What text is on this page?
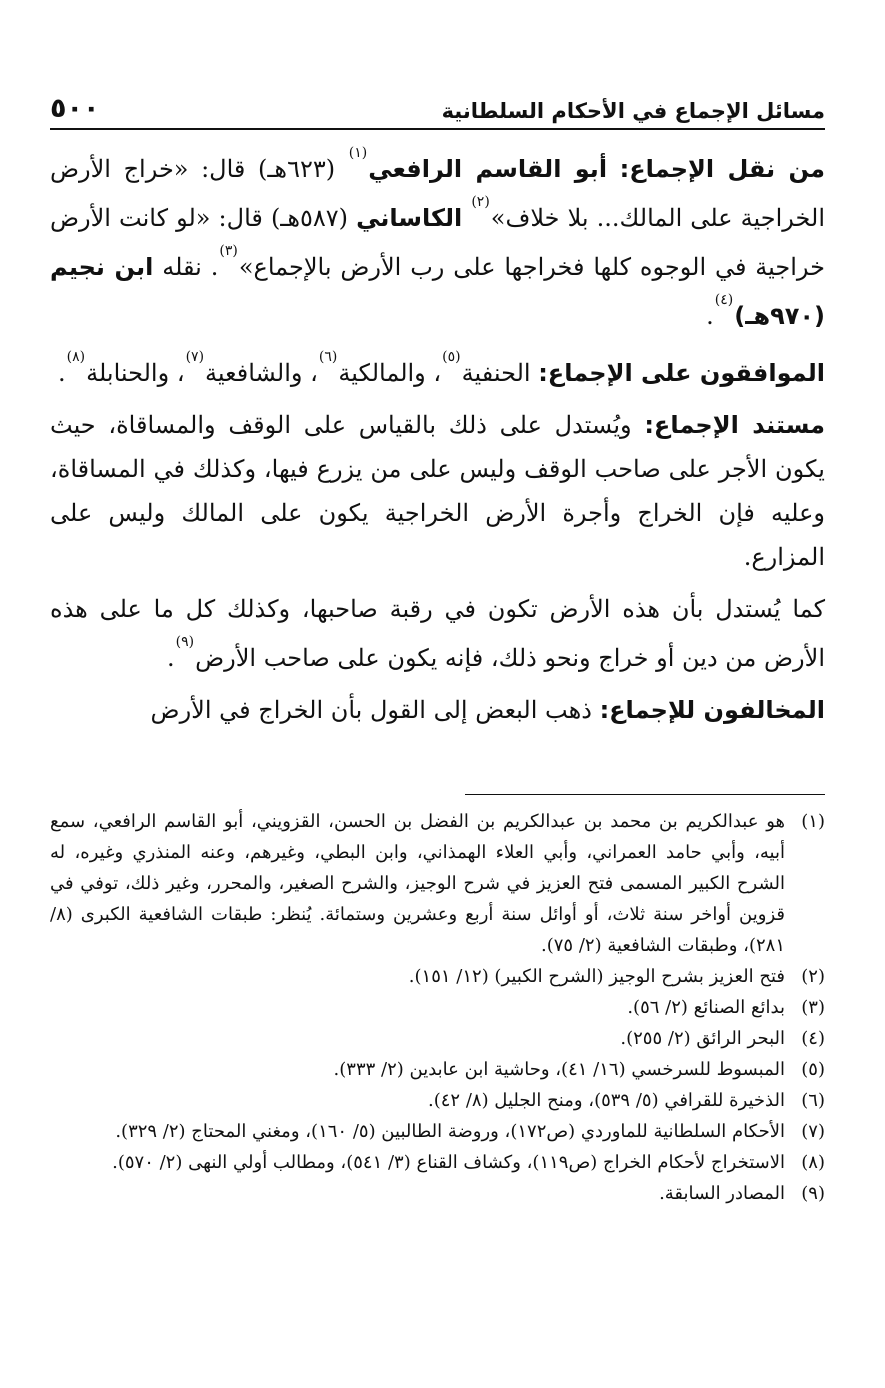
مسائل الإجماع في الأحكام السلطانية
٥٠٠

من نقل الإجماع: أبو القاسم الرافعي$^{(١)}$ (٦٢٣هـ) قال: «خراج الأرض الخراجية على المالك... بلا خلاف»$^{(٢)}$ الكاساني (٥٨٧هـ) قال: «لو كانت الأرض خراجية في الوجوه كلها فخراجها على رب الأرض بالإجماع»$^{(٣)}$. نقله ابن نجيم (٩٧٠هـ)$^{(٤)}$.

الموافقون على الإجماع: الحنفية$^{(٥)}$، والمالكية$^{(٦)}$، والشافعية$^{(٧)}$، والحنابلة$^{(٨)}$.

مستند الإجماع: ويُستدل على ذلك بالقياس على الوقف والمساقاة، حيث يكون الأجر على صاحب الوقف وليس على من يزرع فيها، وكذلك في المساقاة، وعليه فإن الخراج وأجرة الأرض الخراجية يكون على المالك وليس على المزارع.

كما يُستدل بأن هذه الأرض تكون في رقبة صاحبها، وكذلك كل ما على هذه الأرض من دين أو خراج ونحو ذلك، فإنه يكون على صاحب الأرض$^{(٩)}$.

المخالفون للإجماع: ذهب البعض إلى القول بأن الخراج في الأرض

(١)
هو عبدالكريم بن محمد بن عبدالكريم بن الفضل بن الحسن، القزويني، أبو القاسم الرافعي، سمع أبيه، وأبي حامد العمراني، وأبي العلاء الهمذاني، وابن البطي، وغيرهم، وعنه المنذري وغيره، له الشرح الكبير المسمى فتح العزيز في شرح الوجيز، والشرح الصغير، والمحرر، وغير ذلك، توفي في قزوين أواخر سنة ثلاث، أو أوائل سنة أربع وعشرين وستمائة. يُنظر: طبقات الشافعية الكبرى (٨/ ٢٨١)، وطبقات الشافعية (٢/ ٧٥).
(٢)
فتح العزيز بشرح الوجيز (الشرح الكبير) (١٢/ ١٥١).
(٣)
بدائع الصنائع (٢/ ٥٦).
(٤)
البحر الرائق (٢/ ٢٥٥).
(٥)
المبسوط للسرخسي (١٦/ ٤١)، وحاشية ابن عابدين (٢/ ٣٣٣).
(٦)
الذخيرة للقرافي (٥/ ٥٣٩)، ومنح الجليل (٨/ ٤٢).
(٧)
الأحكام السلطانية للماوردي (ص١٧٢)، وروضة الطالبين (٥/ ١٦٠)، ومغني المحتاج (٢/ ٣٢٩).
(٨)
الاستخراج لأحكام الخراج (ص١١٩)، وكشاف القناع (٣/ ٥٤١)، ومطالب أولي النهى (٢/ ٥٧٠).
(٩)
المصادر السابقة.
